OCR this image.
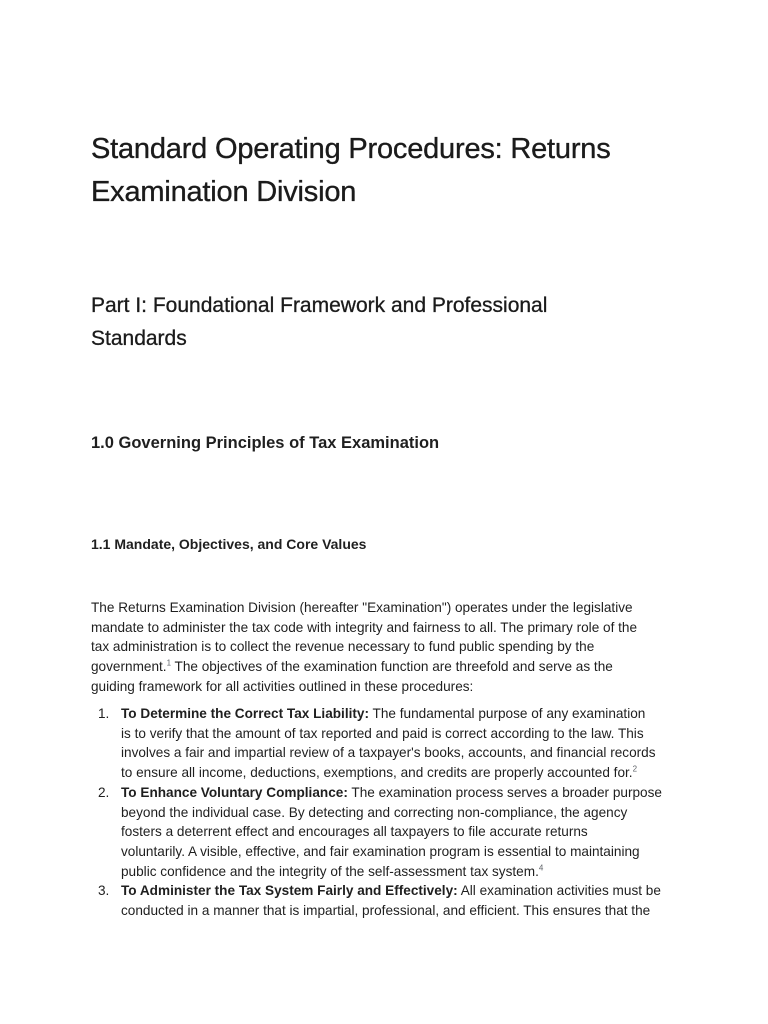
Standard Operating Procedures: Returns
Examination Division
Part I: Foundational Framework and Professional
Standards
1.0 Governing Principles of Tax Examination
1.1 Mandate, Objectives, and Core Values

The Returns Examination Division (hereafter "Examination") operates under the legislative
mandate to administer the tax code with integrity and fairness to all. The primary role of the
tax administration is to collect the revenue necessary to fund public spending by the
government.$^1$ The objectives of the examination function are threefold and serve as the
guiding framework for all activities outlined in these procedures:

1. To Determine the Correct Tax Liability: The fundamental purpose of any examination
is to verify that the amount of tax reported and paid is correct according to the law. This
involves a fair and impartial review of a taxpayer's books, accounts, and financial records
to ensure all income, deductions, exemptions, and credits are properly accounted for.$^2$
2. To Enhance Voluntary Compliance: The examination process serves a broader purpose
beyond the individual case. By detecting and correcting non-compliance, the agency
fosters a deterrent effect and encourages all taxpayers to file accurate returns
voluntarily. A visible, effective, and fair examination program is essential to maintaining
public confidence and the integrity of the self-assessment tax system.$^4$
3. To Administer the Tax System Fairly and Effectively: All examination activities must be
conducted in a manner that is impartial, professional, and efficient. This ensures that the
